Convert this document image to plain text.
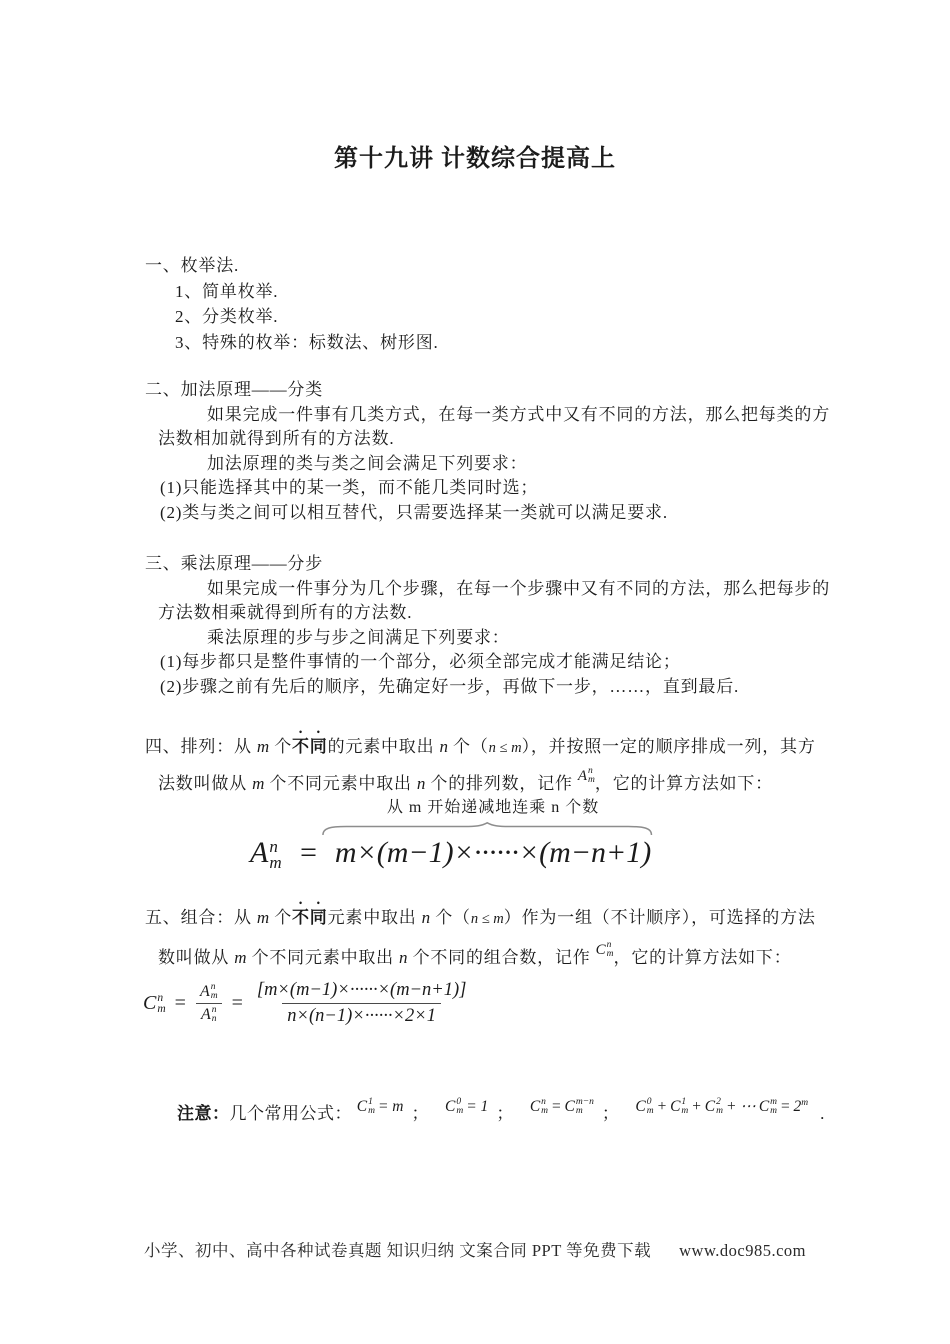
第十九讲 计数综合提高上
一、枚举法.
1、简单枚举.
2、分类枚举.
3、特殊的枚举：标数法、树形图.
二、加法原理——分类
如果完成一件事有几类方式，在每一类方式中又有不同的方法，那么把每类的方
法数相加就得到所有的方法数.
加法原理的类与类之间会满足下列要求：
(1)只能选择其中的某一类，而不能几类同时选；
(2)类与类之间可以相互替代，只需要选择某一类就可以满足要求.
三、乘法原理——分步
如果完成一件事分为几个步骤，在每一个步骤中又有不同的方法，那么把每步的
方法数相乘就得到所有的方法数.
乘法原理的步与步之间满足下列要求：
(1)每步都只是整件事情的一个部分，必须全部完成才能满足结论；
(2)步骤之前有先后的顺序，先确定好一步，再做下一步，……，直到最后.
四、排列：从 m 个不同的元素中取出 n 个（n ≤ m），并按照一定的顺序排成一列，其方
法数叫做从 m 个不同元素中取出 n 个的排列数，记作 A n
m ，它的计算方法如下：
A n
m =
从 m 开始递减地连乘 n 个数
m×(m−1)×······×(m−n+1)
五、组合：从 m 个不同元素中取出 n 个（n ≤ m）作为一组（不计顺序），可选择的方法
数叫做从 m 个不同元素中取出 n 个不同的组合数，记作 C n
m ，它的计算方法如下：
C n
m = A n
m
A n
$n = \frac{[m\times(m-1)\times\cdot\cdot\cdot\cdot\cdot\cdot\times(m-n+1)]}{n\times(n-1)\times\cdot\cdot\cdot\cdot\cdot\cdot\times 2\times 1}$
注意：几个常用公式： C 1
m = m ； C 0
m = 1 ； C n
m = C m−n
m ； C 0
m + C 1
m + C 2
m + ⋯ C m
$m = 2^m$.
小学、初中、高中各种试卷真题 知识归纳 文案合同 PPT 等免费下载 www.doc985.com
